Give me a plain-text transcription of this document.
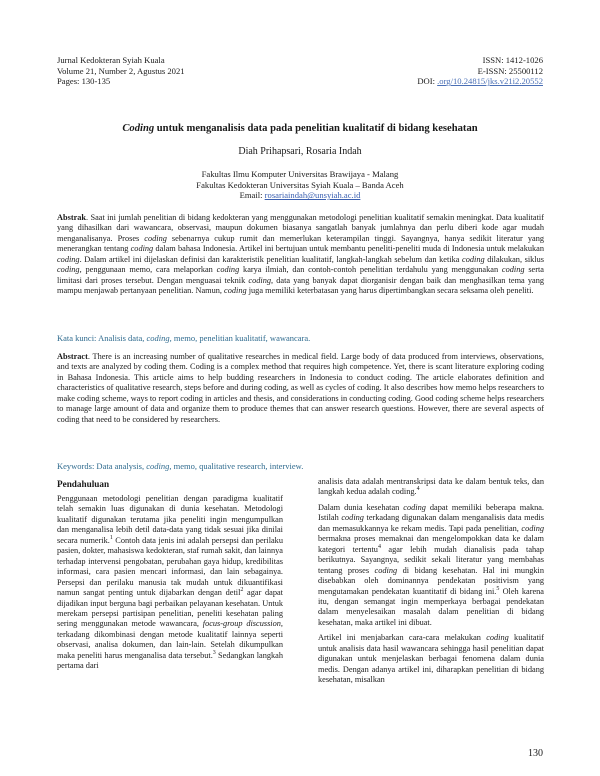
Jurnal Kedokteran Syiah Kuala
Volume 21, Number 2, Agustus 2021
Pages: 130-135
ISSN: 1412-1026
E-ISSN: 25500112
DOI: .org/10.24815/jks.v21i2.20552
Coding untuk menganalisis data pada penelitian kualitatif di bidang kesehatan
Diah Prihapsari, Rosaria Indah
Fakultas Ilmu Komputer Universitas Brawijaya - Malang
Fakultas Kedokteran Universitas Syiah Kuala – Banda Aceh
Email: rosariaindah@unsyiah.ac.id
Abstrak. Saat ini jumlah penelitian di bidang kedokteran yang menggunakan metodologi penelitian kualitatif semakin meningkat. Data kualitatif yang dihasilkan dari wawancara, observasi, maupun dokumen biasanya sangatlah banyak jumlahnya dan perlu diberi kode agar mudah menganalisanya. Proses coding sebenarnya cukup rumit dan memerlukan keterampilan tinggi. Sayangnya, hanya sedikit literatur yang menerangkan tentang coding dalam bahasa Indonesia. Artikel ini bertujuan untuk membantu peneliti-peneliti muda di Indonesia untuk melakukan coding. Dalam artikel ini dijelaskan definisi dan karakteristik penelitian kualitatif, langkah-langkah sebelum dan ketika coding dilakukan, siklus coding, penggunaan memo, cara melaporkan coding karya ilmiah, dan contoh-contoh penelitian terdahulu yang menggunakan coding serta limitasi dari proses tersebut. Dengan menguasai teknik coding, data yang banyak dapat diorganisir dengan baik dan menghasilkan tema yang mampu menjawab pertanyaan penelitian. Namun, coding juga memiliki keterbatasan yang harus dipertimbangkan secara seksama oleh peneliti.
Kata kunci: Analisis data, coding, memo, penelitian kualitatif, wawancara.
Abstract. There is an increasing number of qualitative researches in medical field. Large body of data produced from interviews, observations, and texts are analyzed by coding them. Coding is a complex method that requires high competence. Yet, there is scant literature exploring coding in Bahasa Indonesia. This article aims to help budding researchers in Indonesia to conduct coding. The article elaborates definition and characteristics of qualitative research, steps before and during coding, as well as cycles of coding. It also describes how memo helps researchers to make coding scheme, ways to report coding in articles and thesis, and considerations in conducting coding. Good coding scheme helps researchers to manage large amount of data and organize them to produce themes that can answer research questions. However, there are several aspects of coding that need to be considered by researchers.
Keywords: Data analysis, coding, memo, qualitative research, interview.
Pendahuluan

Penggunaan metodologi penelitian dengan paradigma kualitatif telah semakin luas digunakan di dunia kesehatan. Metodologi kualitatif digunakan terutama jika peneliti ingin mengumpulkan dan menganalisa lebih detil data-data yang tidak sesuai jika dinilai secara numerik.$^1$ Contoh data jenis ini adalah persepsi dan perilaku pasien, dokter, mahasiswa kedokteran, staf rumah sakit, dan lainnya terhadap intervensi pengobatan, perubahan gaya hidup, kredibilitas informasi, cara pasien mencari informasi, dan lain sebagainya. Persepsi dan perilaku manusia tak mudah untuk dikuantifikasi namun sangat penting untuk dijabarkan dengan detil$^2$ agar dapat dijadikan input berguna bagi perbaikan pelayanan kesehatan. Untuk merekam persepsi partisipan penelitian, peneliti kesehatan paling sering menggunakan metode wawancara, focus-group discussion, terkadang dikombinasi dengan metode kualitatif lainnya seperti observasi, analisa dokumen, dan lain-lain. Setelah dikumpulkan maka peneliti harus menganalisa data tersebut.$^3$ Sedangkan langkah pertama dari

analisis data adalah mentranskripsi data ke dalam bentuk teks, dan langkah kedua adalah coding.$^4$

Dalam dunia kesehatan coding dapat memiliki beberapa makna. Istilah coding terkadang digunakan dalam menganalisis data medis dan memasukkannya ke rekam medis. Tapi pada penelitian, coding bermakna proses memaknai dan mengelompokkan data ke dalam kategori tertentu$^4$ agar lebih mudah dianalisis pada tahap berikutnya. Sayangnya, sedikit sekali literatur yang membahas tentang proses coding di bidang kesehatan. Hal ini mungkin disebabkan oleh dominannya pendekatan positivism yang mengutamakan pendekatan kuantitatif di bidang ini.$^5$ Oleh karena itu, dengan semangat ingin memperkaya berbagai pendekatan dalam menyelesaikan masalah dalam penelitian di bidang kesehatan, maka artikel ini dibuat.

Artikel ini menjabarkan cara-cara melakukan coding kualitatif untuk analisis data hasil wawancara sehingga hasil penelitian dapat digunakan untuk menjelaskan berbagai fenomena dalam dunia medis. Dengan adanya artikel ini, diharapkan penelitian di bidang kesehatan, misalkan

130
